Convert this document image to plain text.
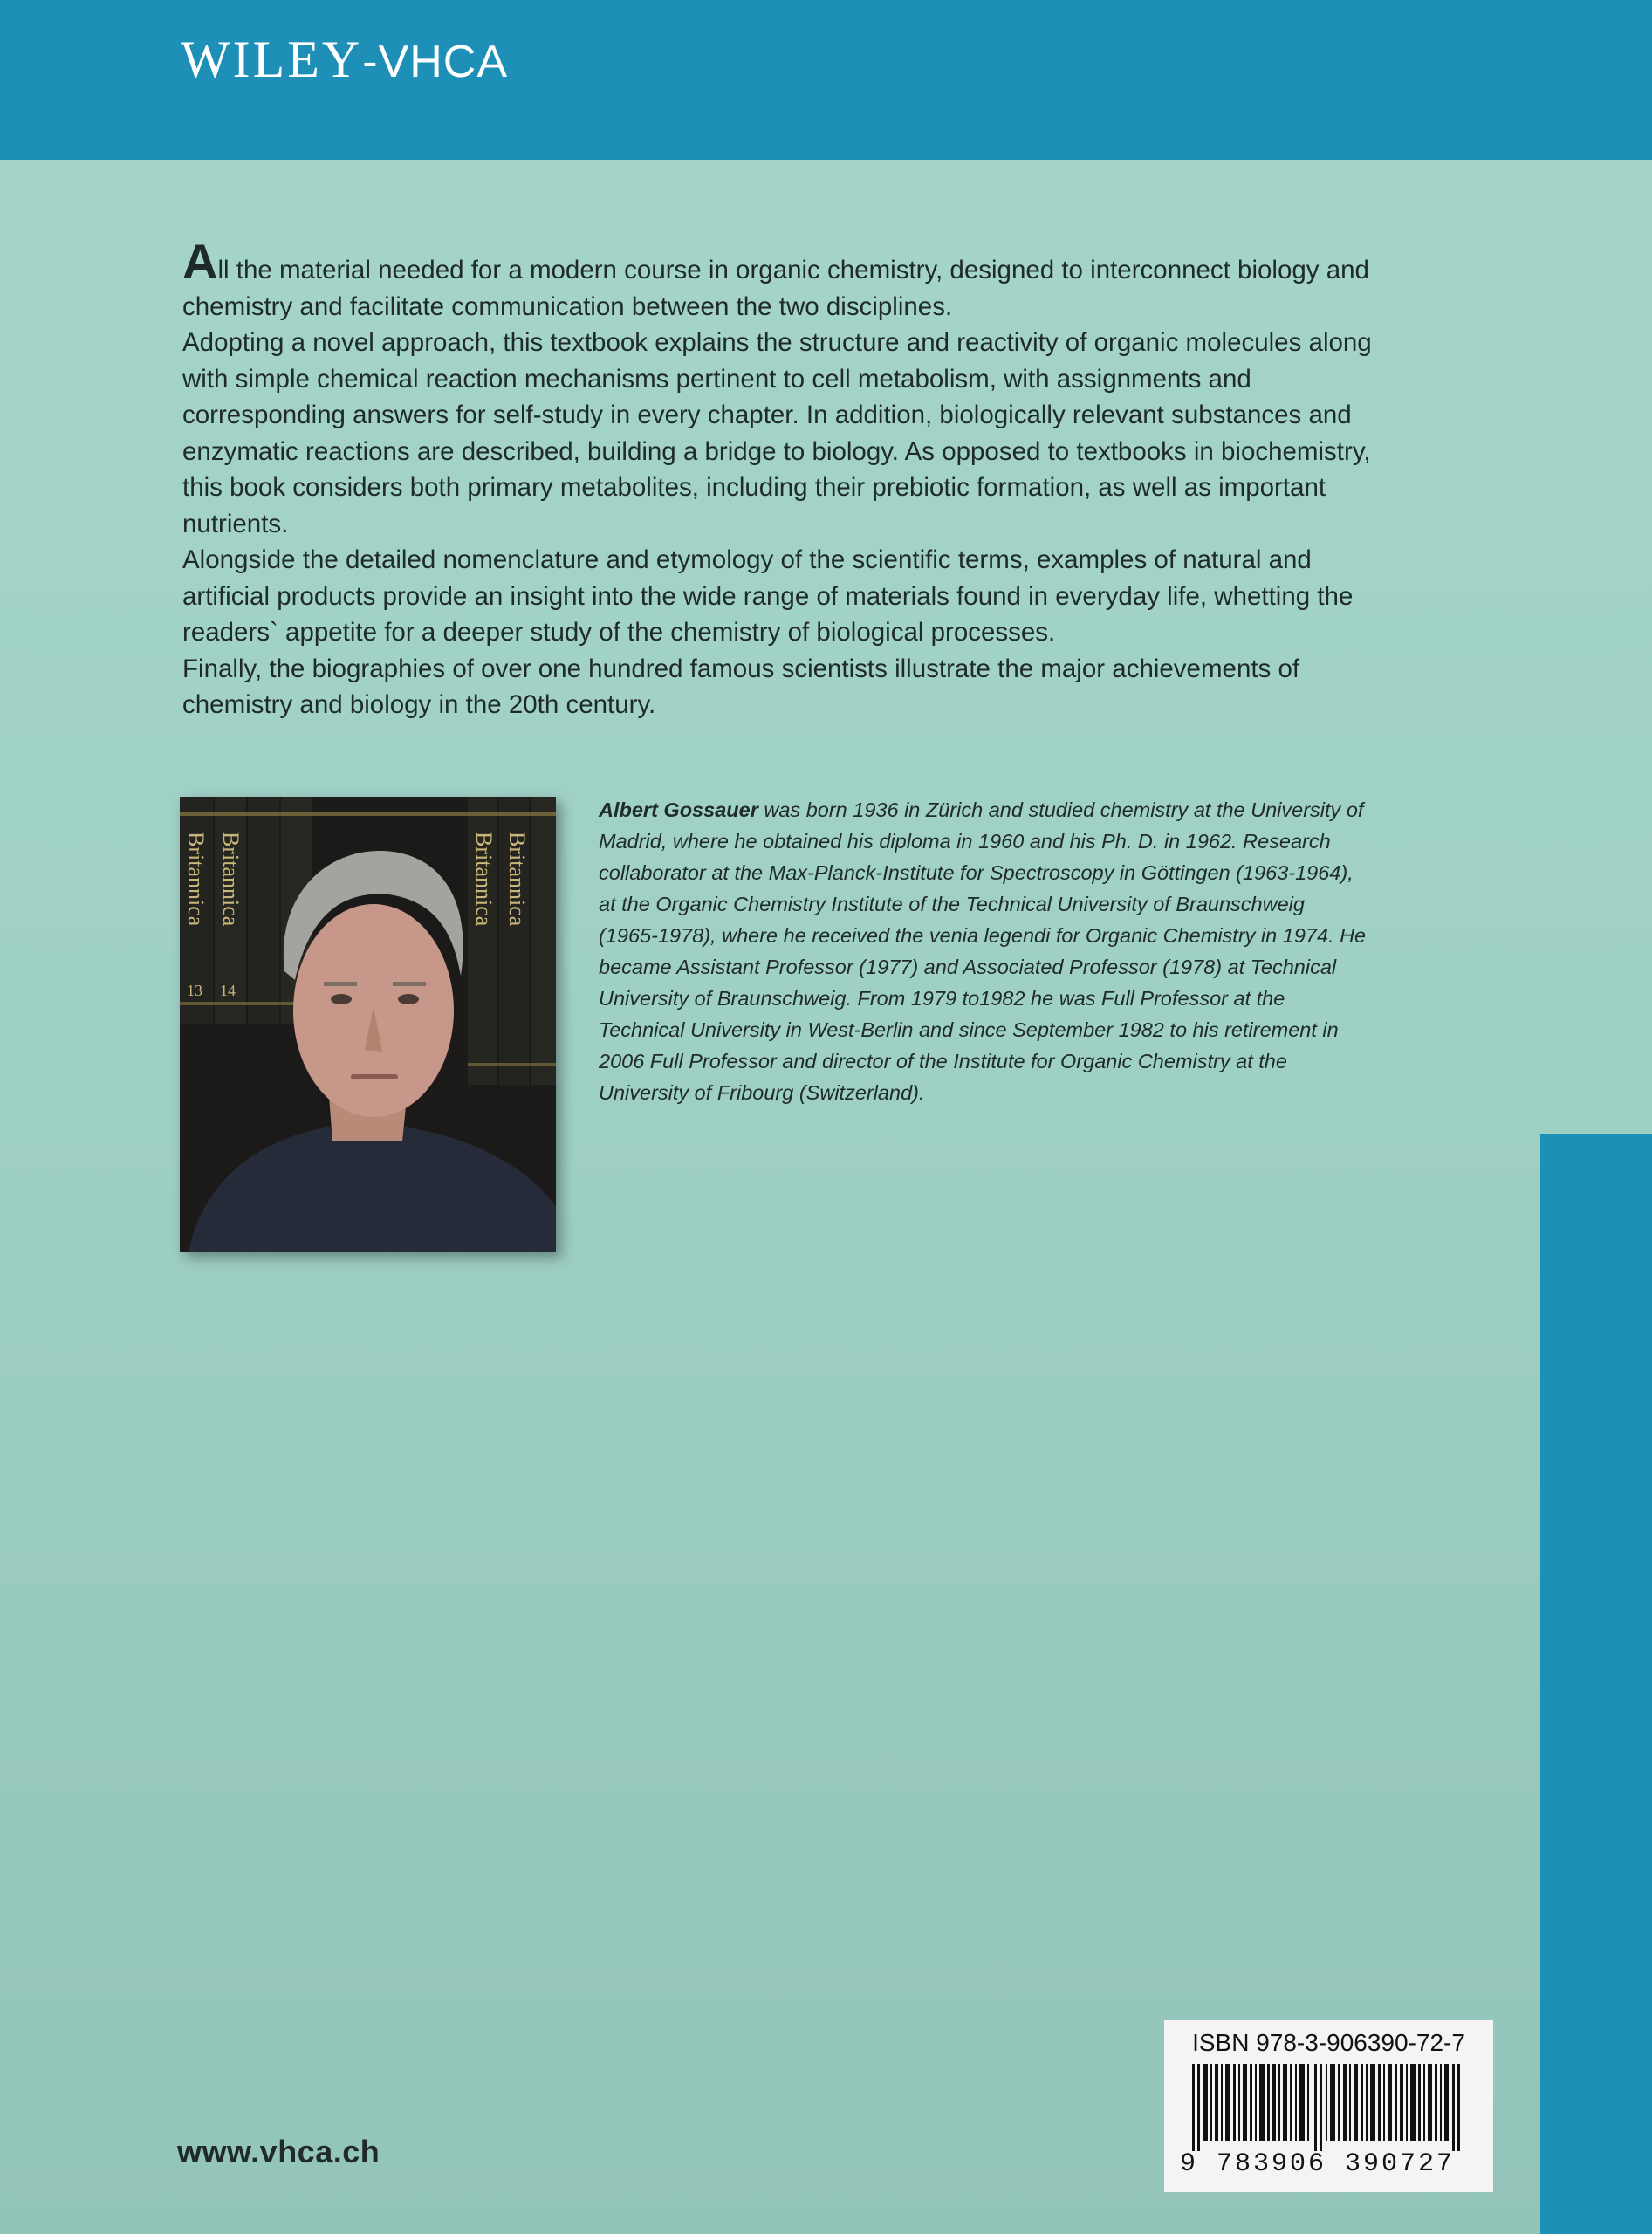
WILEY -VHCA

All the material needed for a modern course in organic chemistry, designed to interconnect biology and chemistry and facilitate communication between the two disciplines.

Adopting a novel approach, this textbook explains the structure and reactivity of organic molecules along with simple chemical reaction mechanisms pertinent to cell metabolism, with assignments and corresponding answers for self-study in every chapter. In addition, biologically relevant substances and enzymatic reactions are described, building a bridge to biology. As opposed to textbooks in biochemistry, this book considers both primary metabolites, including their prebiotic formation, as well as important nutrients.

Alongside the detailed nomenclature and etymology of the scientific terms, examples of natural and artificial products provide an insight into the wide range of materials found in everyday life, whetting the readers` appetite for a deeper study of the chemistry of biological processes.

Finally, the biographies of over one hundred famous scientists illustrate the major achievements of chemistry and biology in the 20th century.

Britannica Britannica	Britannica Britannica
13 14
Albert Gossauer was born 1936 in Zürich and studied chemistry at the University of Madrid, where he obtained his diploma in 1960 and his Ph. D. in 1962. Research collaborator at the Max-Planck-Institute for Spectroscopy in Göttingen (1963-1964), at the Organic Chemistry Institute of the Technical University of Braunschweig (1965-1978), where he received the venia legendi for Organic Chemistry in 1974. He became Assistant Professor (1977) and Associated Professor (1978) at Technical University of Braunschweig. From 1979 to1982 he was Full Professor at the Technical University in West-Berlin and since September 1982 to his retirement in 2006 Full Professor and director of the Institute for Organic Chemistry at the University of Fribourg (Switzerland).
www.vhca.ch
ISBN 978-3-906390-72-7
9 783906 390727
